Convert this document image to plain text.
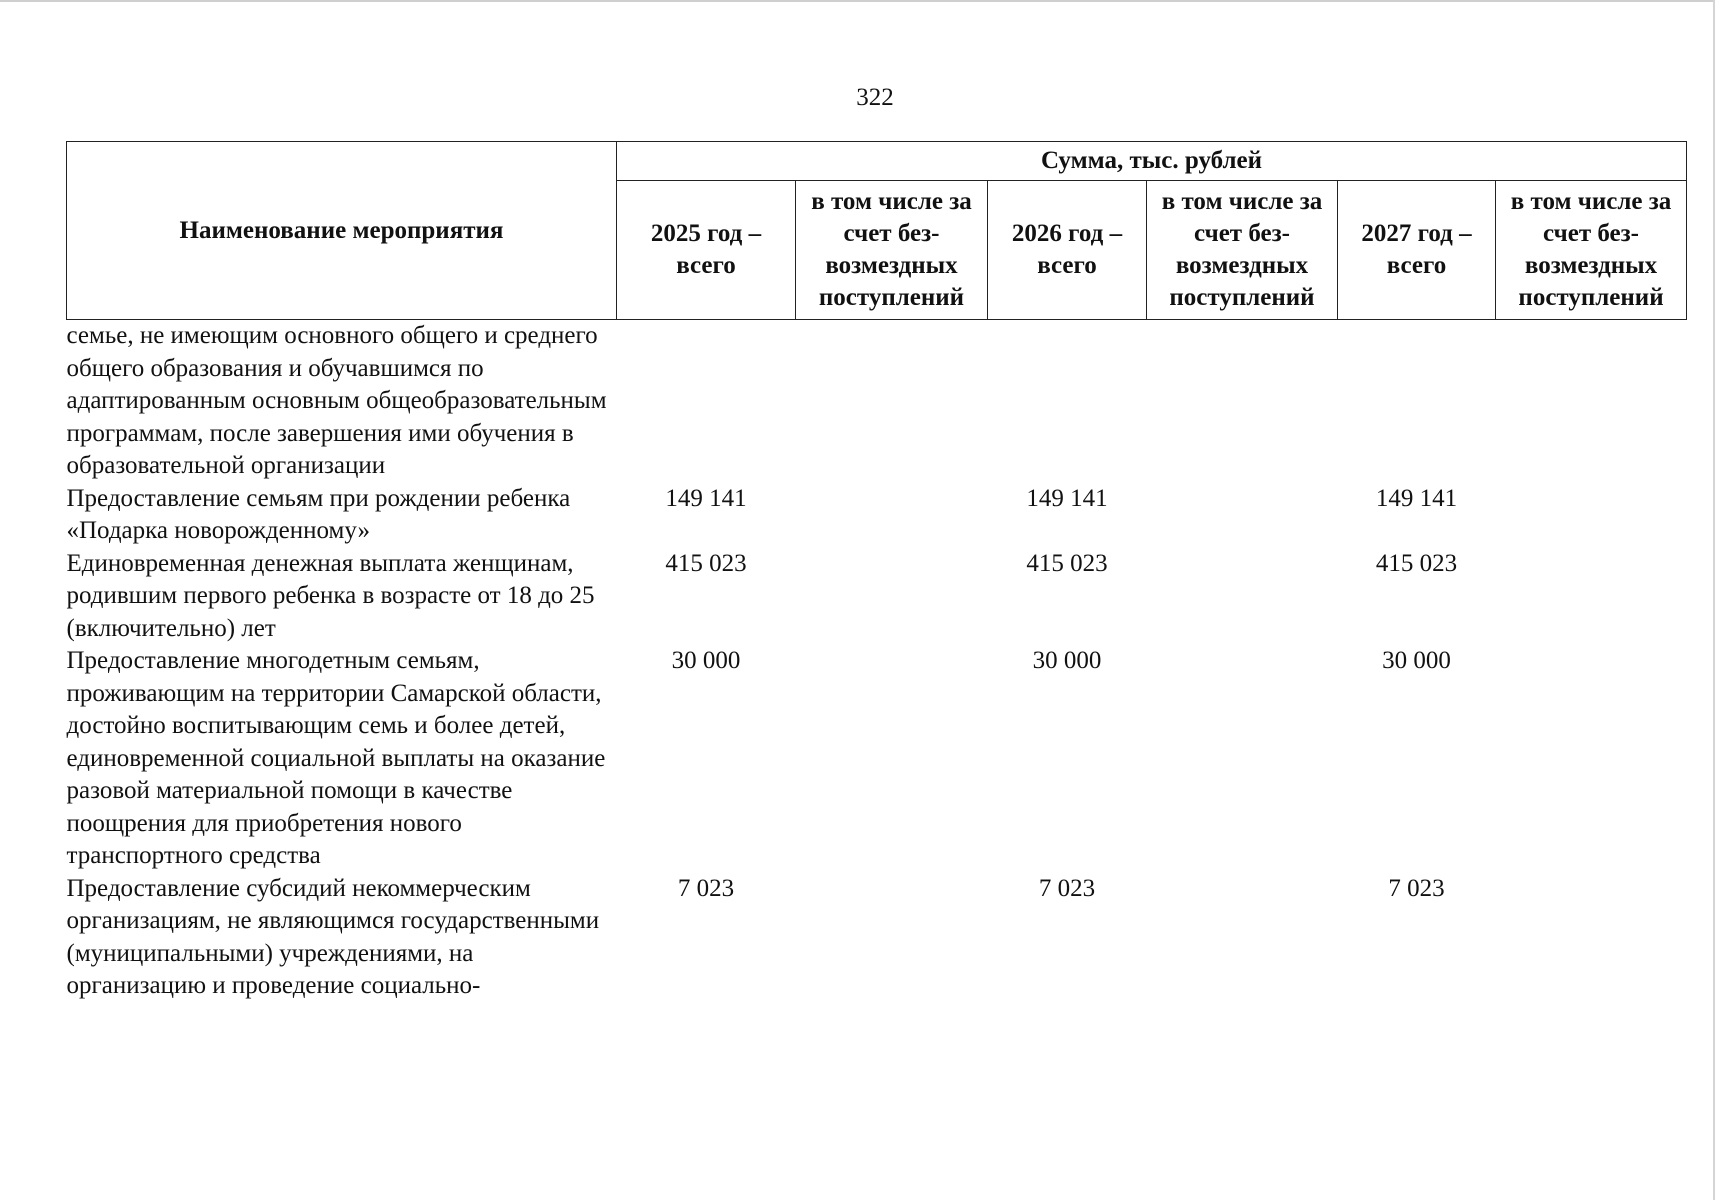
322
Наименование мероприятия	Сумма, тыс. рублей					
	2025 год – всего	в том числе за счет без-возмездных поступлений	2026 год – всего	в том числе за счет без-возмездных поступлений	2027 год – всего	в том числе за счет без-возмездных поступлений
семье, не имеющим основного общего и среднего общего образования и обучавшимся по адаптированным основным общеобразовательным программам, после завершения ими обучения в образовательной организации						
Предоставление семьям при рождении ребенка «Подарка новорожденному»	149 141		149 141		149 141	
Единовременная денежная выплата женщинам, родившим первого ребенка в возрасте от 18 до 25 (включительно) лет	415 023		415 023		415 023	
Предоставление многодетным семьям, проживающим на территории Самарской области, достойно воспитывающим семь и более детей, единовременной социальной выплаты на оказание разовой материальной помощи в качестве поощрения для приобретения нового транспортного средства	30 000		30 000		30 000	
Предоставление субсидий некоммерческим организациям, не являющимся государственными (муниципальными) учреждениями, на организацию и проведение социально-	7 023		7 023		7 023	
